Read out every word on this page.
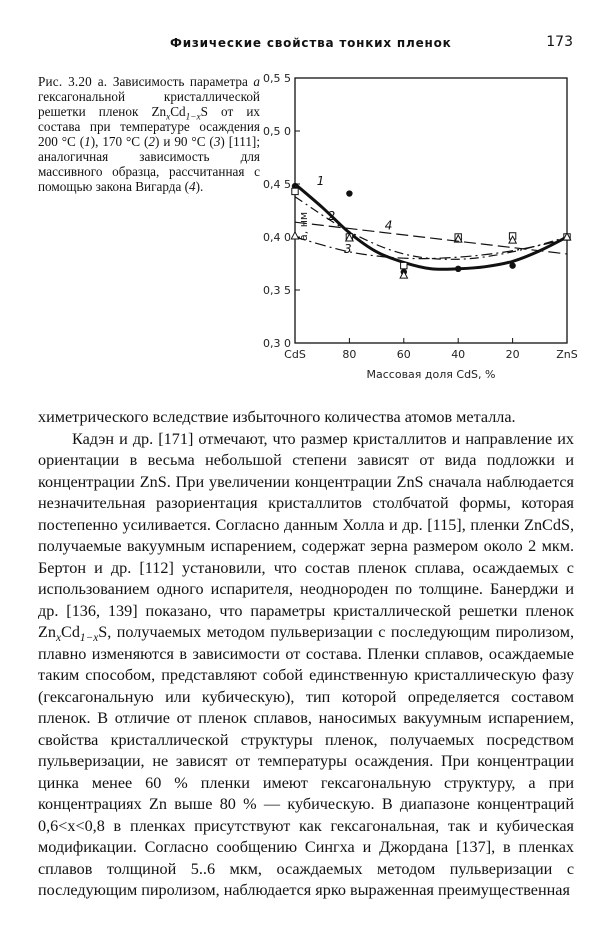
Физические свойства тонких пленок	173
Рис. 3.20 а. Зависимость параметра a гексагональной кристаллической решетки пленок $Zn_xCd_{1-x}S$ от их состава при температуре осаждения 200 °C (1), 170 °C (2) и 90 °C (3) [111]; аналогичная зависимость для массивного образца, рассчитанная с помощью закона Вигарда (4).
0,3 0
0,3 5
0,4 0
0,4 5
0,5 0
0,5 5
CdS	80	60	40	20	ZnS
Массовая доля CdS, %
a, нм
1
2
3
4

химетрического вследствие избыточного количества атомов металла.

Кадэн и др. [171] отмечают, что размер кристаллитов и направление их ориентации в весьма небольшой степени зависят от вида подложки и концентрации ZnS. При увеличении концентрации ZnS сначала наблюдается незначительная разориентация кристаллитов столбчатой формы, которая постепенно усиливается. Согласно данным Холла и др. [115], пленки ZnCdS, получаемые вакуумным испарением, содержат зерна размером около 2 мкм. Бертон и др. [112] установили, что состав пленок сплава, осаждаемых с использованием одного испарителя, неоднороден по толщине. Банерджи и др. [136, 139] показано, что параметры кристаллической решетки пленок $Zn_xCd_{1-x}S$, получаемых методом пульверизации с последующим пиролизом, плавно изменяются в зависимости от состава. Пленки сплавов, осаждаемые таким способом, представляют собой единственную кристаллическую фазу (гексагональную или кубическую), тип которой определяется составом пленок. В отличие от пленок сплавов, наносимых вакуумным испарением, свойства кристаллической структуры пленок, получаемых посредством пульверизации, не зависят от температуры осаждения. При концентрации цинка менее 60 % пленки имеют гексагональную структуру, а при концентрациях Zn выше 80 % — кубическую. В диапазоне концентраций 0,6<x<0,8 в пленках присутствуют как гексагональная, так и кубическая модификации. Согласно сообщению Сингха и Джордана [137], в пленках сплавов толщиной 5..6 мкм, осаждаемых методом пульверизации с последующим пиролизом, наблюдается ярко выраженная преимущественная
